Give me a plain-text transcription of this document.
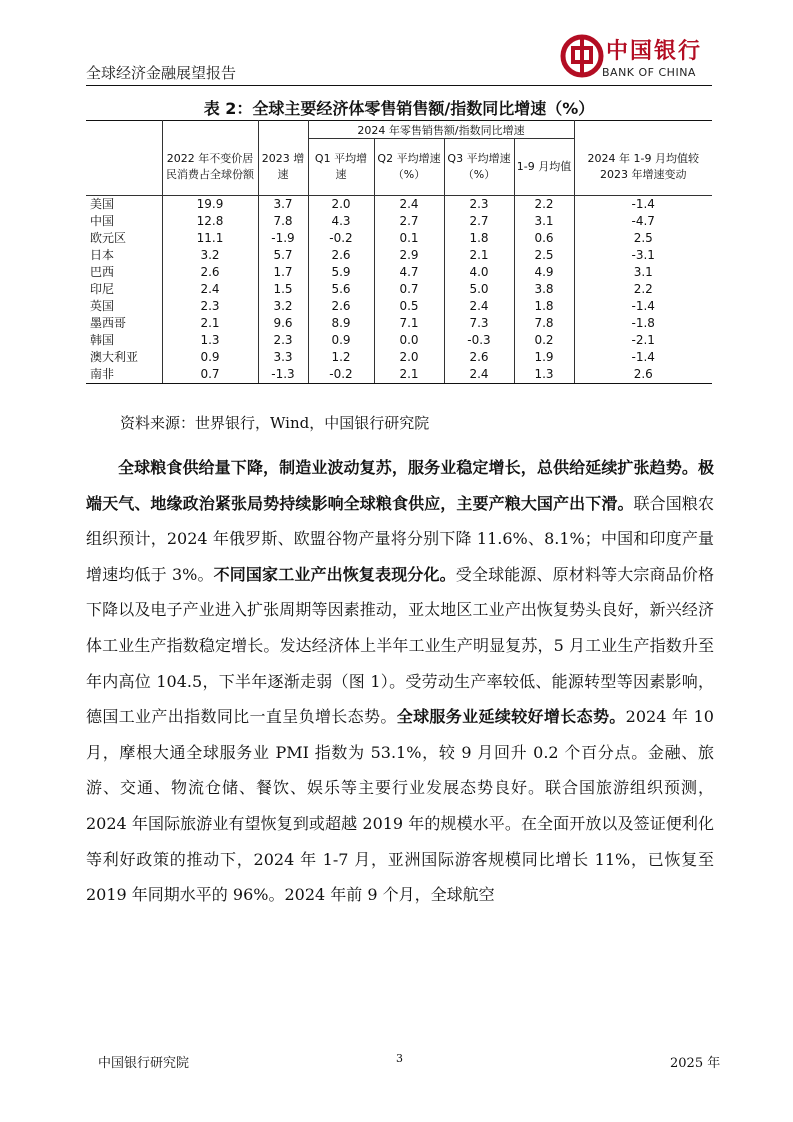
全球经济金融展望报告
中国银行
BANK OF CHINA
表 2：全球主要经济体零售销售额/指数同比增速（%）
			2024 年零售销售额/指数同比增速				
	2022 年不变价居民消费占全球份额	2023 增速	Q1 平均增速	Q2 平均增速（%）	Q3 平均增速（%）	1-9 月均值	2024 年 1-9 月均值较 2023 年增速变动
美国	19.9	3.7	2.0	2.4	2.3	2.2	-1.4
中国	12.8	7.8	4.3	2.7	2.7	3.1	-4.7
欧元区	11.1	-1.9	-0.2	0.1	1.8	0.6	2.5
日本	3.2	5.7	2.6	2.9	2.1	2.5	-3.1
巴西	2.6	1.7	5.9	4.7	4.0	4.9	3.1
印尼	2.4	1.5	5.6	0.7	5.0	3.8	2.2
英国	2.3	3.2	2.6	0.5	2.4	1.8	-1.4
墨西哥	2.1	9.6	8.9	7.1	7.3	7.8	-1.8
韩国	1.3	2.3	0.9	0.0	-0.3	0.2	-2.1
澳大利亚	0.9	3.3	1.2	2.0	2.6	1.9	-1.4
南非	0.7	-1.3	-0.2	2.1	2.4	1.3	2.6
资料来源：世界银行，Wind，中国银行研究院

全球粮食供给量下降，制造业波动复苏，服务业稳定增长，总供给延续扩张趋势。极端天气、地缘政治紧张局势持续影响全球粮食供应，主要产粮大国产出下滑。联合国粮农组织预计，2024 年俄罗斯、欧盟谷物产量将分别下降 11.6%、8.1%；中国和印度产量增速均低于 3%。不同国家工业产出恢复表现分化。受全球能源、原材料等大宗商品价格下降以及电子产业进入扩张周期等因素推动，亚太地区工业产出恢复势头良好，新兴经济体工业生产指数稳定增长。发达经济体上半年工业生产明显复苏，5 月工业生产指数升至年内高位 104.5，下半年逐渐走弱（图 1）。受劳动生产率较低、能源转型等因素影响，德国工业产出指数同比一直呈负增长态势。全球服务业延续较好增长态势。2024 年 10 月，摩根大通全球服务业 PMI 指数为 53.1%，较 9 月回升 0.2 个百分点。金融、旅游、交通、物流仓储、餐饮、娱乐等主要行业发展态势良好。联合国旅游组织预测，2024 年国际旅游业有望恢复到或超越 2019 年的规模水平。在全面开放以及签证便利化等利好政策的推动下，2024 年 1-7 月，亚洲国际游客规模同比增长 11%，已恢复至 2019 年同期水平的 96%。2024 年前 9 个月，全球航空

中国银行研究院	3	2025 年
